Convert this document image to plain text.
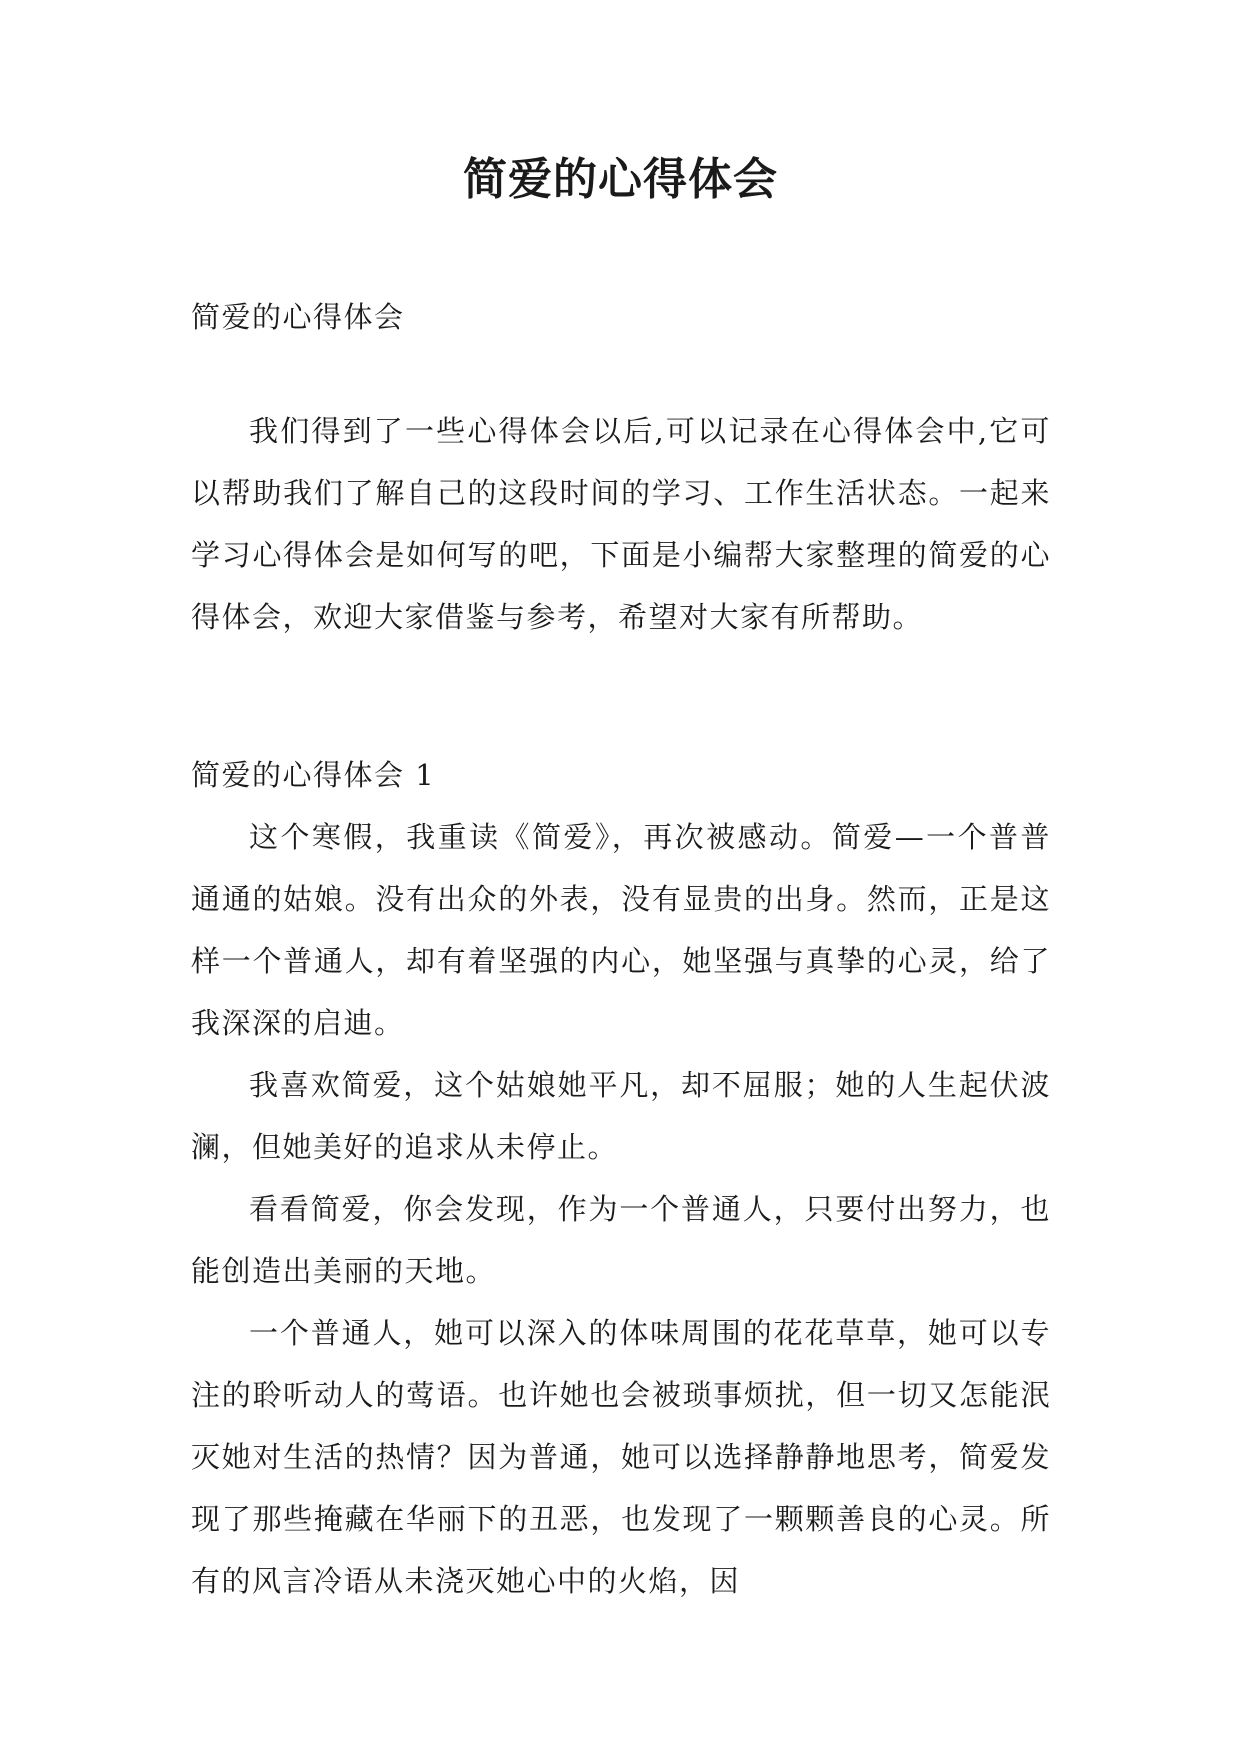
简爱的心得体会

简爱的心得体会

我们得到了一些心得体会以后,可以记录在心得体会中,它可以帮助我们了解自己的这段时间的学习、工作生活状态。一起来学习心得体会是如何写的吧，下面是小编帮大家整理的简爱的心得体会，欢迎大家借鉴与参考，希望对大家有所帮助。

简爱的心得体会 1

这个寒假，我重读《简爱》，再次被感动。简爱—一个普普通通的姑娘。没有出众的外表，没有显贵的出身。然而，正是这样一个普通人，却有着坚强的内心，她坚强与真挚的心灵，给了我深深的启迪。

我喜欢简爱，这个姑娘她平凡，却不屈服；她的人生起伏波澜，但她美好的追求从未停止。

看看简爱，你会发现，作为一个普通人，只要付出努力，也能创造出美丽的天地。

一个普通人，她可以深入的体味周围的花花草草，她可以专注的聆听动人的莺语。也许她也会被琐事烦扰，但一切又怎能泯灭她对生活的热情？因为普通，她可以选择静静地思考，简爱发现了那些掩藏在华丽下的丑恶，也发现了一颗颗善良的心灵。所有的风言冷语从未浇灭她心中的火焰，因
